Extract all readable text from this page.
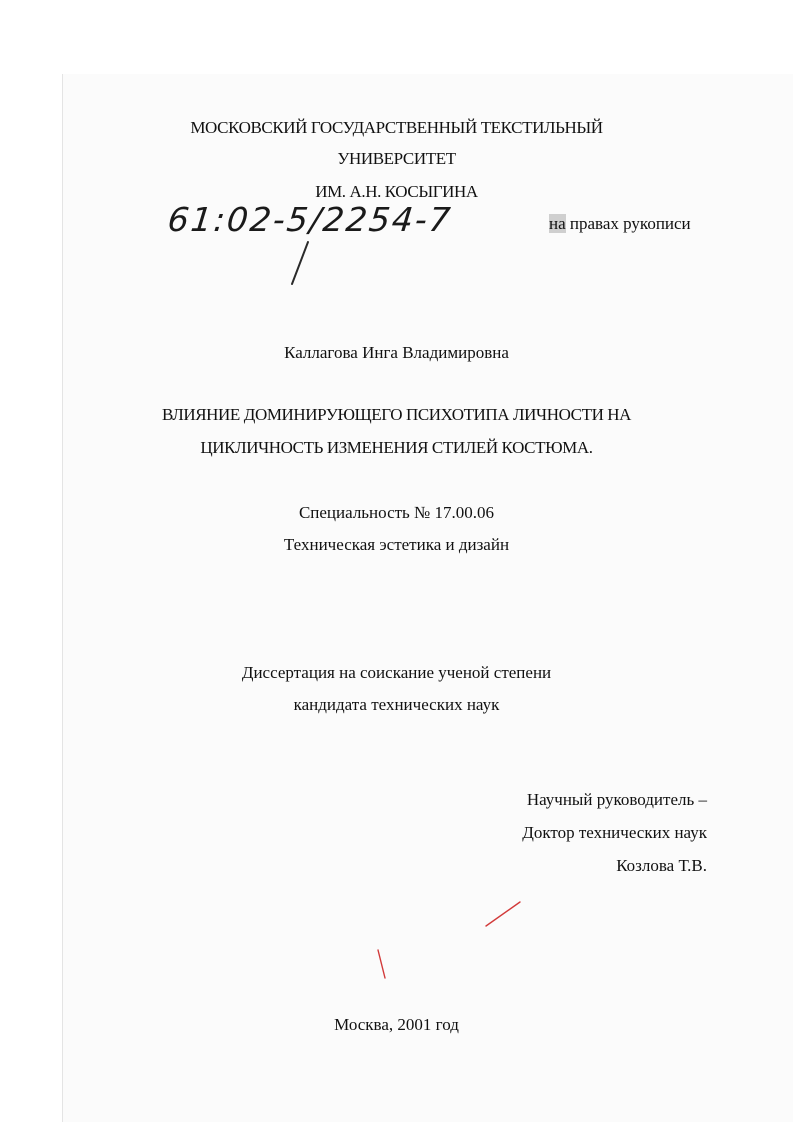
МОСКОВСКИЙ ГОСУДАРСТВЕННЫЙ ТЕКСТИЛЬНЫЙ
УНИВЕРСИТЕТ
ИМ. А.Н. КОСЫГИНА
61:02-5/2254-7	на правах рукописи
Каллагова Инга Владимировна
ВЛИЯНИЕ ДОМИНИРУЮЩЕГО ПСИХОТИПА ЛИЧНОСТИ НА
ЦИКЛИЧНОСТЬ ИЗМЕНЕНИЯ СТИЛЕЙ КОСТЮМА.
Специальность № 17.00.06
Техническая эстетика и дизайн
Диссертация на соискание ученой степени
кандидата технических наук
Научный руководитель –
Доктор технических наук
Козлова Т.В.
Москва, 2001 год
